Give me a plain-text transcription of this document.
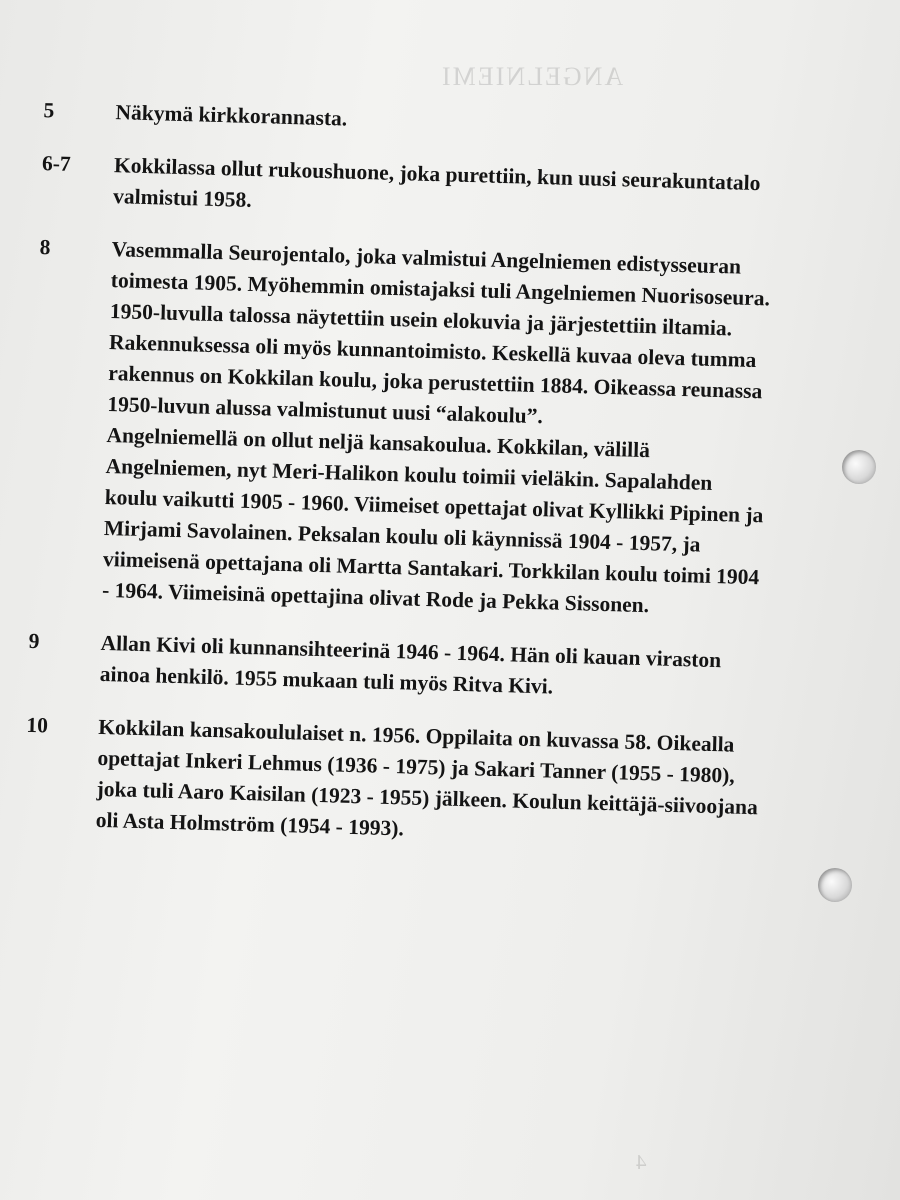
ANGELNIEMI
4
5	Näkymä kirkkorannasta.

6-7	Kokkilassa ollut rukoushuone, joka purettiin, kun uusi seurakuntatalo valmistui 1958.

8	Vasemmalla Seurojentalo, joka valmistui Angelniemen edistysseuran toimesta 1905. Myöhemmin omistajaksi tuli Angelniemen Nuorisoseura. 1950-luvulla talossa näytettiin usein elokuvia ja järjestettiin iltamia. Rakennuksessa oli myös kunnantoimisto. Keskellä kuvaa oleva tumma rakennus on Kokkilan koulu, joka perustettiin 1884. Oikeassa reunassa 1950-luvun alussa valmistunut uusi “alakoulu”.

Angelniemellä on ollut neljä kansakoulua. Kokkilan, välillä Angelniemen, nyt Meri-Halikon koulu toimii vieläkin. Sapalahden koulu vaikutti 1905 - 1960. Viimeiset opettajat olivat Kyllikki Pipinen ja Mirjami Savolainen. Peksalan koulu oli käynnissä 1904 - 1957, ja viimeisenä opettajana oli Martta Santakari. Torkkilan koulu toimi 1904 - 1964. Viimeisinä opettajina olivat Rode ja Pekka Sissonen.

9	Allan Kivi oli kunnansihteerinä 1946 - 1964. Hän oli kauan viraston ainoa henkilö. 1955 mukaan tuli myös Ritva Kivi.

10	Kokkilan kansakoululaiset n. 1956. Oppilaita on kuvassa 58. Oikealla opettajat Inkeri Lehmus (1936 - 1975) ja Sakari Tanner (1955 - 1980), joka tuli Aaro Kaisilan (1923 - 1955) jälkeen. Koulun keittäjä-siivoojana oli Asta Holmström (1954 - 1993).
